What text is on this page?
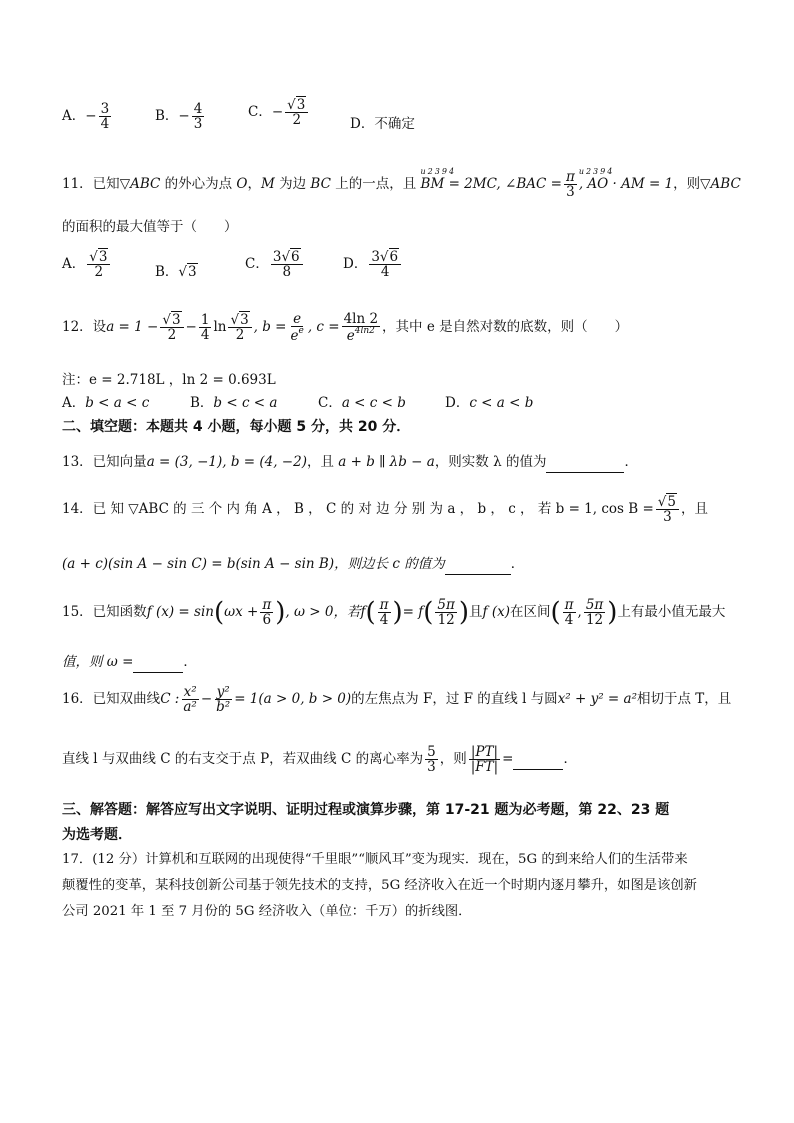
A．− $\frac{3}{4}$	B．− $\frac{4}{3}$	C．− $\frac{√3}{2}$	D．不确定
11．已知▽ABC 的外心为点 O，M 为边 BC 上的一点，且 u2394 BM = 2MC, ∠BAC = $\frac{\pi}{3}$
u2394 , AO · AM = 1，则▽ABC
的面积的最大值等于（　　）
A． $\frac{√3}{2}$	B．√3	C． $\frac{3√6}{8}$	D． $\frac{3√6}{4}$
12．设$a = 1 - \frac{√3}{2} - \frac{1}{4}$ $\ln \frac{√3}{2}$ , $b = \frac{e}{e^e}$ , $c = \frac{4\ln 2}{e^{4ln2}}$ ，其中 e 是自然对数的底数，则（　　）
注：e = 2.718L ，ln 2 = 0.693L
A．b < a < c	B．b < c < a	C．a < c < b	D．c < a < b
二、填空题：本题共 4 小题，每小题 5 分，共 20 分．
13．已知向量a = (3, −1), b = (4, −2)，且 a + b ∥ λb − a，则实数 λ 的值为	．
14．已 知 ▽ABC 的 三 个 内 角 A ， B ， C 的 对 边 分 别 为 a ， b ， c ， 若 b = 1, $\cos B = \frac{√5}{3}$ ，且
(a + c)(sin A − sin C) = b(sin A − sin B)，则边长 c 的值为	．
15．已知函数f $(x) = \sin(\omega x + \frac{\pi}{6}$ ), ω > 0，若$f( \frac{\pi}{4}$ )= $f( \frac{5\pi}{12}$ )且f (x)在区间( $\frac{\pi}{4}$ , $\frac{5\pi}{12}$ )上有最小值无最大
值，则 ω =	．
16．已知双曲线C : $\frac{\text{x²}}{\text{a²}} - \frac{\text{y²}}{\text{b²}} = 1(a > 0$, b > 0)的左焦点为 F，过 F 的直线 l 与圆x² + y² = a²相切于点 T，且
直线 l 与双曲线 C 的右支交于点 P，若双曲线 C 的离心率为 $\frac{5}{3}$ ，则 $\frac{|PT|}{|FT|}$ =	．
三、解答题：解答应写出文字说明、证明过程或演算步骤，第 17-21 题为必考题，第 22、23 题
为选考题．
17．(12 分）计算机和互联网的出现使得“千里眼”“顺风耳”变为现实．现在，5G 的到来给人们的生活带来
颠覆性的变革，某科技创新公司基于领先技术的支持，5G 经济收入在近一个时期内逐月攀升，如图是该创新
公司 2021 年 1 至 7 月份的 5G 经济收入（单位：千万）的折线图．
